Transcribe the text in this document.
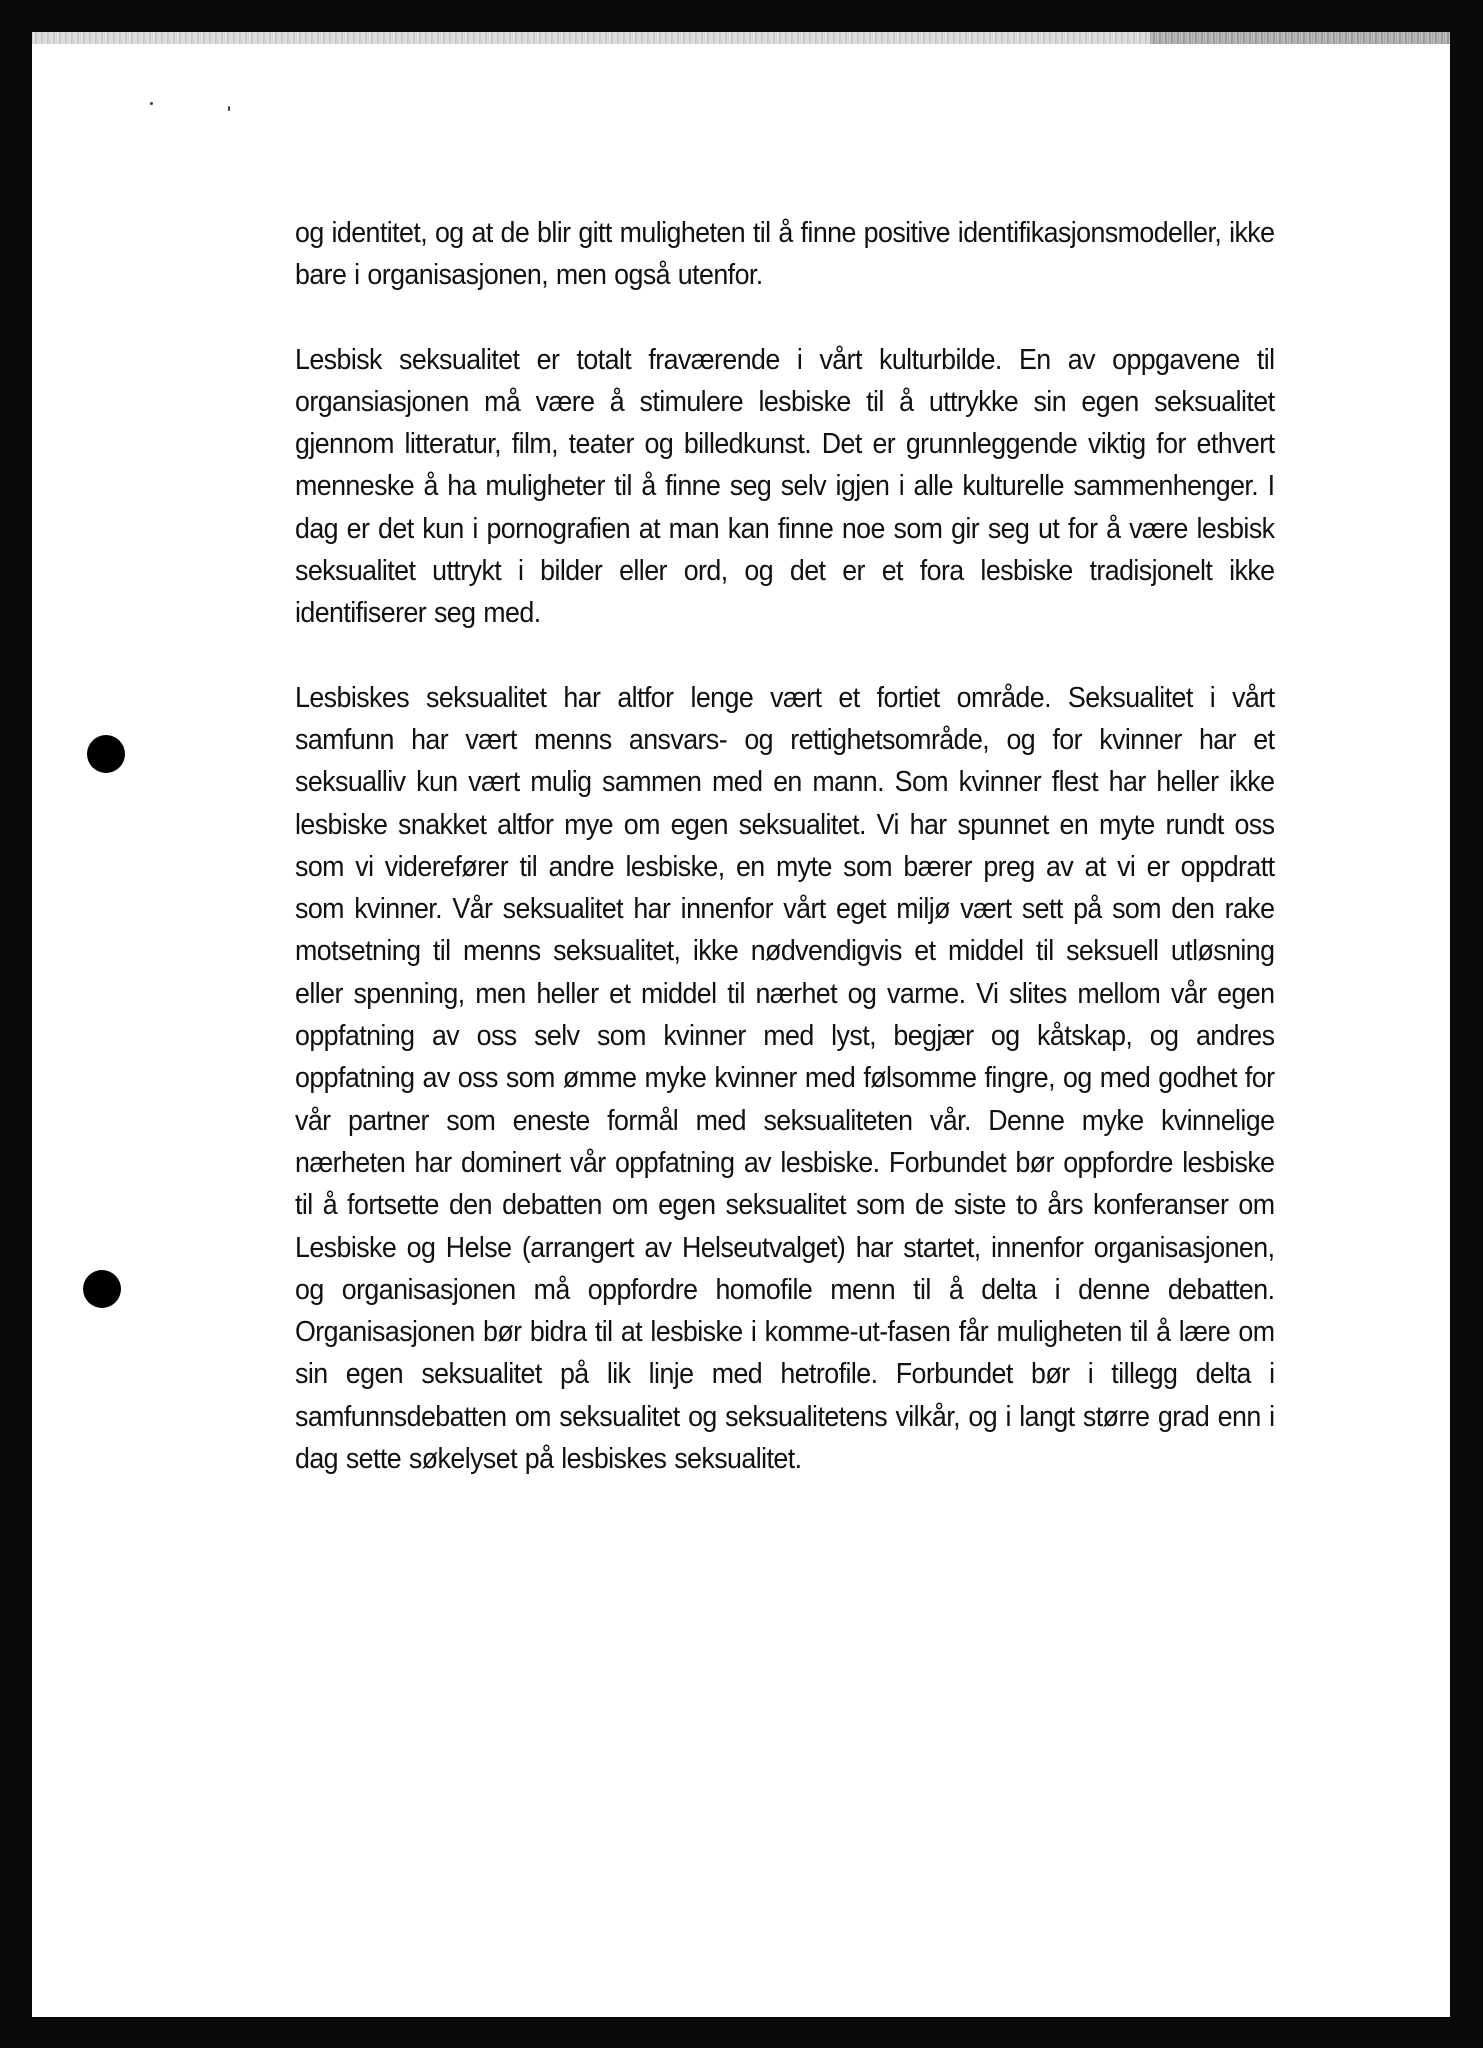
og identitet, og at de blir gitt muligheten til å finne positive identifikasjonsmodeller, ikke bare i organisasjonen, men også utenfor.

Lesbisk seksualitet er totalt fraværende i vårt kulturbilde. En av oppgavene til organsiasjonen må være å stimulere lesbiske til å uttrykke sin egen seksualitet gjennom litteratur, film, teater og billedkunst. Det er grunnleggende viktig for ethvert menneske å ha muligheter til å finne seg selv igjen i alle kulturelle sammenhenger. I dag er det kun i pornografien at man kan finne noe som gir seg ut for å være lesbisk seksualitet uttrykt i bilder eller ord, og det er et fora lesbiske tradisjonelt ikke identifiserer seg med.

Lesbiskes seksualitet har altfor lenge vært et fortiet område. Seksualitet i vårt samfunn har vært menns ansvars- og rettighetsområde, og for kvinner har et seksualliv kun vært mulig sammen med en mann. Som kvinner flest har heller ikke lesbiske snakket altfor mye om egen seksualitet. Vi har spunnet en myte rundt oss som vi viderefører til andre lesbiske, en myte som bærer preg av at vi er oppdratt som kvinner. Vår seksualitet har innenfor vårt eget miljø vært sett på som den rake motsetning til menns seksualitet, ikke nødvendigvis et middel til seksuell utløsning eller spenning, men heller et middel til nærhet og varme. Vi slites mellom vår egen oppfatning av oss selv som kvinner med lyst, begjær og kåtskap, og andres oppfatning av oss som ømme myke kvinner med følsomme fingre, og med godhet for vår partner som eneste formål med seksualiteten vår. Denne myke kvinnelige nærheten har dominert vår oppfatning av lesbiske. Forbundet bør oppfordre lesbiske til å fortsette den debatten om egen seksualitet som de siste to års konferanser om Lesbiske og Helse (arrangert av Helseutvalget) har startet, innenfor organisasjonen, og organisasjonen må oppfordre homofile menn til å delta i denne debatten. Organisasjonen bør bidra til at lesbiske i komme-ut-fasen får muligheten til å lære om sin egen seksualitet på lik linje med hetrofile. Forbundet bør i tillegg delta i samfunnsdebatten om seksualitet og seksualitetens vilkår, og i langt større grad enn i dag sette søkelyset på lesbiskes seksualitet.
